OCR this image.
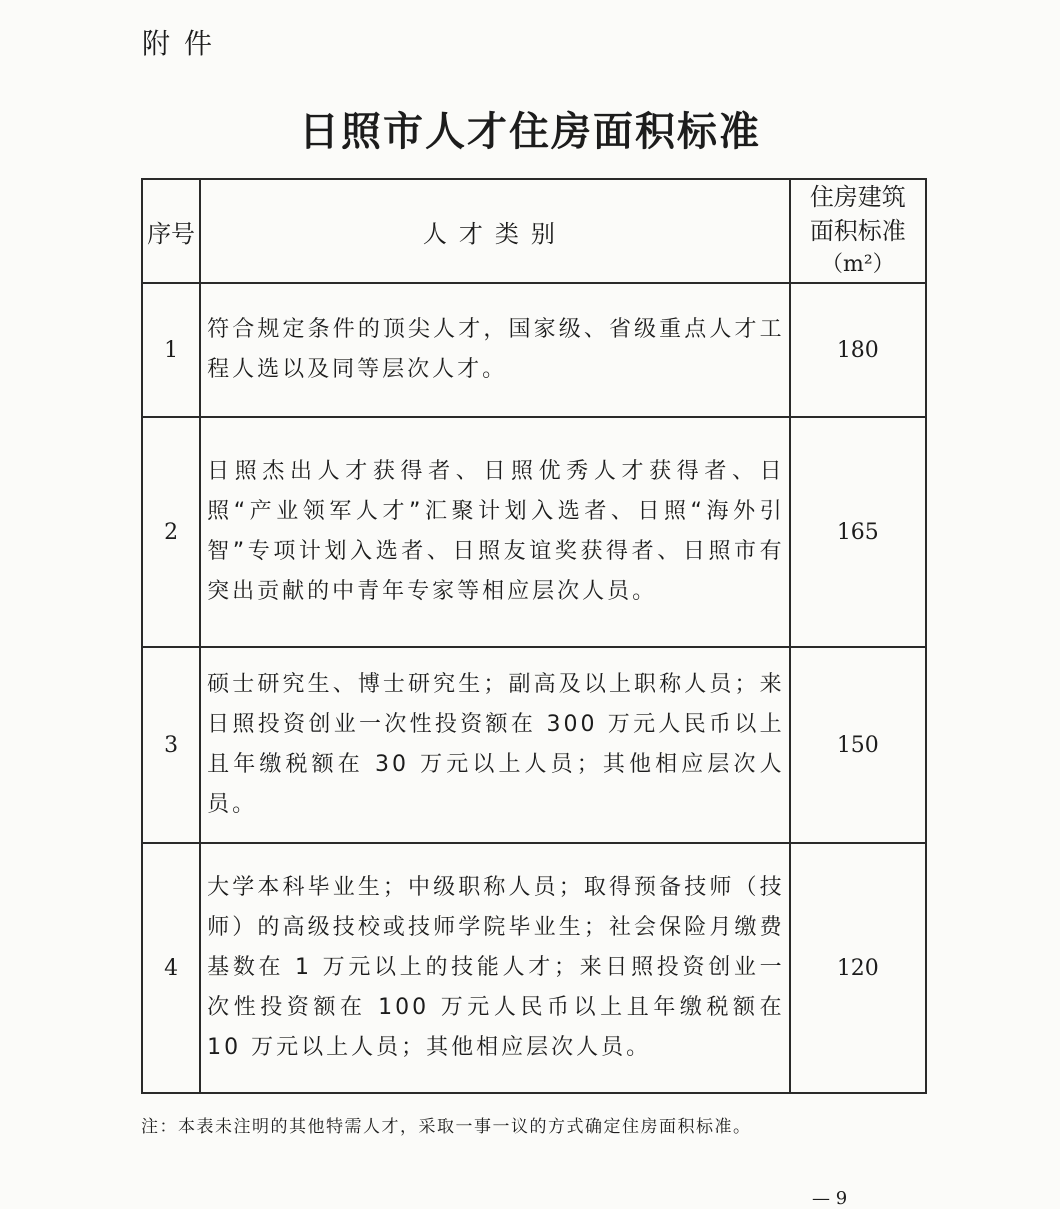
附件
日照市人才住房面积标准
序号	人才类别	住房建筑
面积标准
（m²）

1	符合规定条件的顶尖人才，国家级、省级重点人才工程人选以及同等层次人才。	180
2	日照杰出人才获得者、日照优秀人才获得者、日照“产业领军人才”汇聚计划入选者、日照“海外引智”专项计划入选者、日照友谊奖获得者、日照市有突出贡献的中青年专家等相应层次人员。	165
3	硕士研究生、博士研究生；副高及以上职称人员；来日照投资创业一次性投资额在 300 万元人民币以上且年缴税额在 30 万元以上人员；其他相应层次人员。	150
4	大学本科毕业生；中级职称人员；取得预备技师（技师）的高级技校或技师学院毕业生；社会保险月缴费基数在 1 万元以上的技能人才；来日照投资创业一次性投资额在 100 万元人民币以上且年缴税额在 10 万元以上人员；其他相应层次人员。	120
注：本表未注明的其他特需人才，采取一事一议的方式确定住房面积标准。
— 9
